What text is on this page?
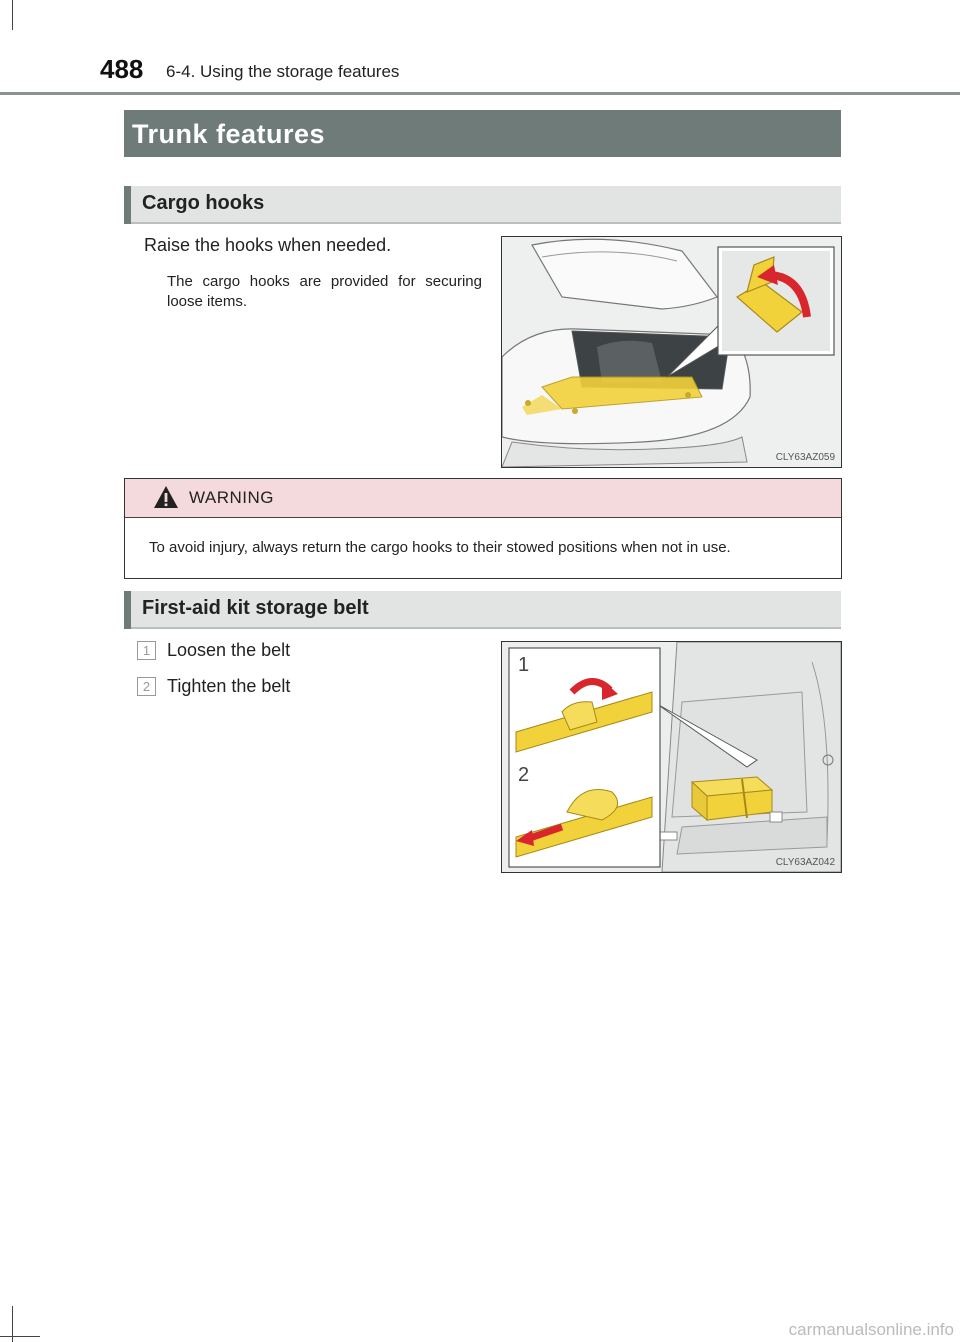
488 6-4. Using the storage features
Trunk features
Cargo hooks
Raise the hooks when needed.
The cargo hooks are provided for securing loose items.
CLY63AZ059
WARNING
To avoid injury, always return the cargo hooks to their stowed positions when not in use.
First-aid kit storage belt
1 Loosen the belt
2 Tighten the belt
1
2
CLY63AZ042
carmanualsonline.info
